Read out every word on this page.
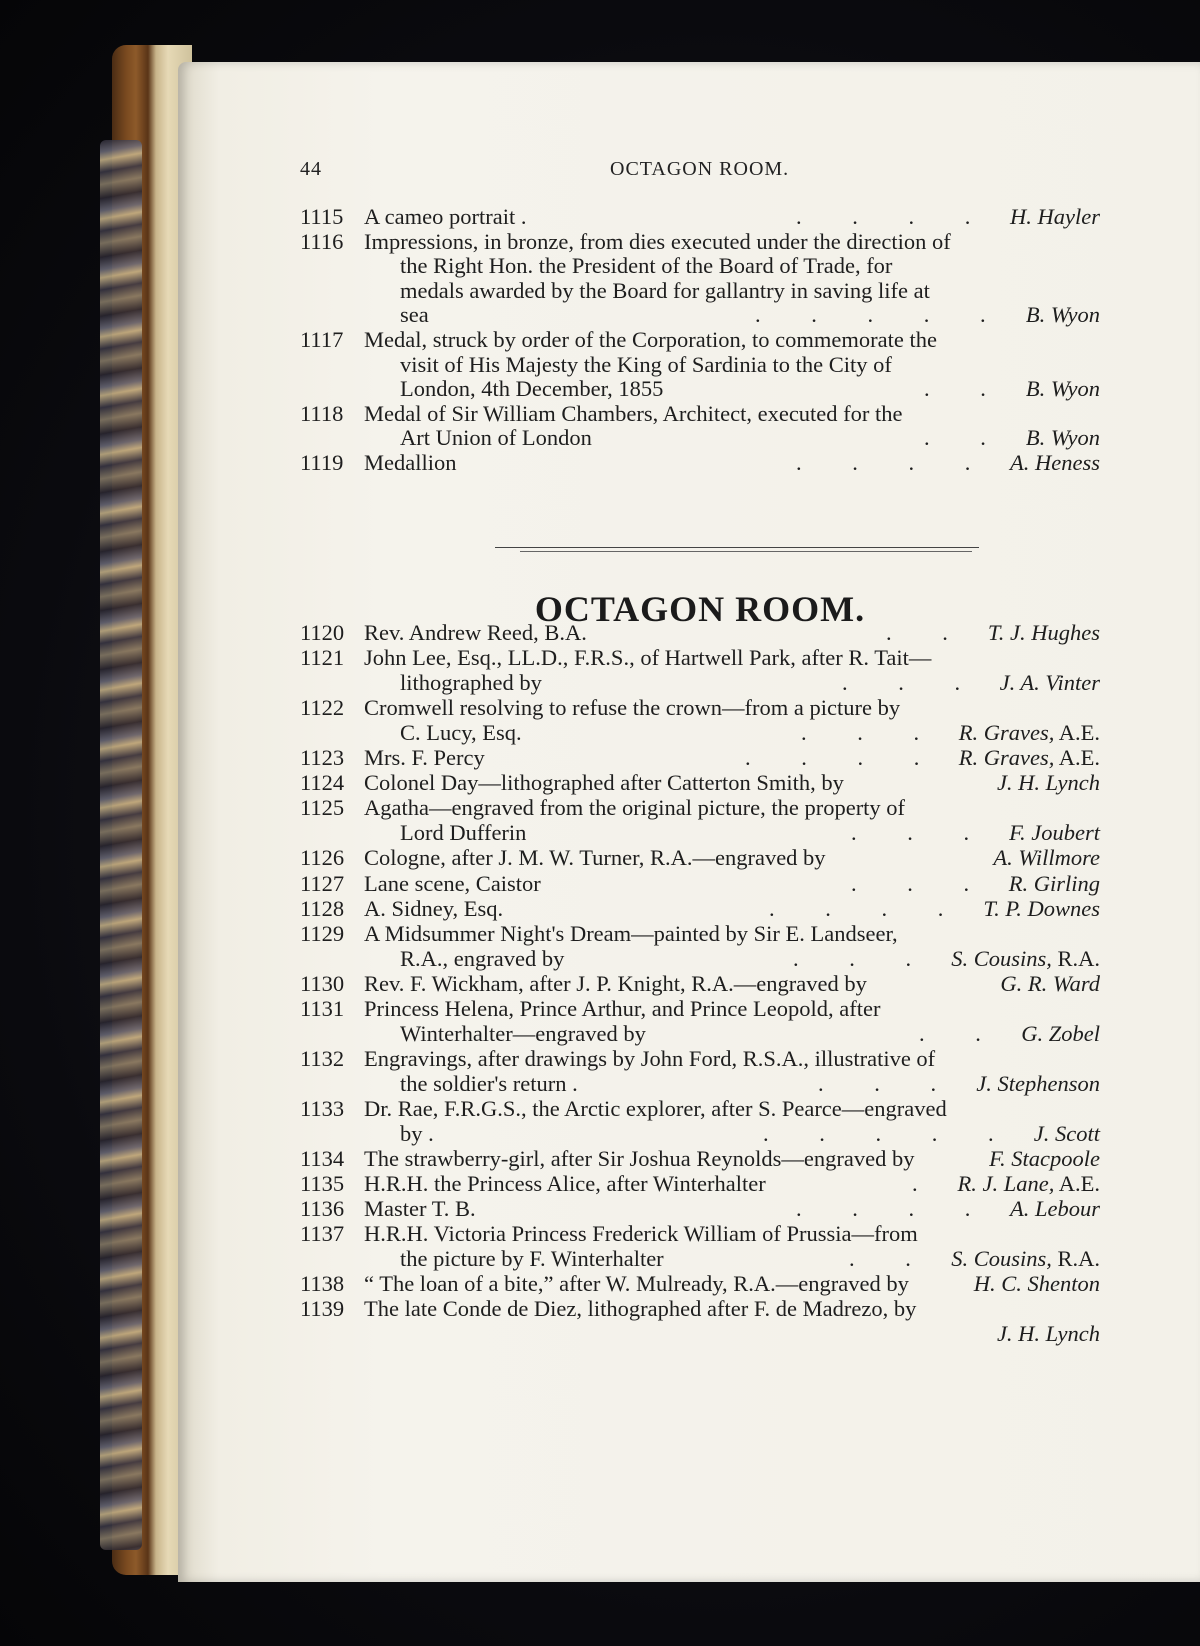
44	OCTAGON ROOM.
1115 A cameo portrait .	.         .         .         . H. Hayler
1116 Impressions, in bronze, from dies executed under the direction of
the Right Hon. the President of the Board of Trade, for
medals awarded by the Board for gallantry in saving life at
sea	.         .         .         .         . B. Wyon
1117 Medal, struck by order of the Corporation, to commemorate the
visit of His Majesty the King of Sardinia to the City of
London, 4th December, 1855	.         . B. Wyon
1118 Medal of Sir William Chambers, Architect, executed for the
Art Union of London	.         . B. Wyon
1119 Medallion	.         .         .         . A. Heness
OCTAGON ROOM.
1120 Rev. Andrew Reed, B.A.	.         . T. J. Hughes
1121 John Lee, Esq., LL.D., F.R.S., of Hartwell Park, after R. Tait—
lithographed by	.         .         . J. A. Vinter
1122 Cromwell resolving to refuse the crown—from a picture by
C. Lucy, Esq.	.         .         . R. Graves, A.E.
1123 Mrs. F. Percy	.         .         .         . R. Graves, A.E.
1124 Colonel Day—lithographed after Catterton Smith, by	J. H. Lynch
1125 Agatha—engraved from the original picture, the property of
Lord Dufferin	.         .         . F. Joubert
1126 Cologne, after J. M. W. Turner, R.A.—engraved by	A. Willmore
1127 Lane scene, Caistor	.         .         . R. Girling
1128 A. Sidney, Esq.	.         .         .         . T. P. Downes
1129 A Midsummer Night's Dream—painted by Sir E. Landseer,
R.A., engraved by	.         .         . S. Cousins, R.A.
1130 Rev. F. Wickham, after J. P. Knight, R.A.—engraved by	G. R. Ward
1131 Princess Helena, Prince Arthur, and Prince Leopold, after
Winterhalter—engraved by	.         . G. Zobel
1132 Engravings, after drawings by John Ford, R.S.A., illustrative of
the soldier's return .	.         .         . J. Stephenson
1133 Dr. Rae, F.R.G.S., the Arctic explorer, after S. Pearce—engraved
by .	.         .         .         .         . J. Scott
1134 The strawberry-girl, after Sir Joshua Reynolds—engraved by	F. Stacpoole
1135 H.R.H. the Princess Alice, after Winterhalter	. R. J. Lane, A.E.
1136 Master T. B.	.         .         .         . A. Lebour
1137 H.R.H. Victoria Princess Frederick William of Prussia—from
the picture by F. Winterhalter	.         . S. Cousins, R.A.
1138 “ The loan of a bite,” after W. Mulready, R.A.—engraved by	H. C. Shenton
1139 The late Conde de Diez, lithographed after F. de Madrezo, by
J. H. Lynch
